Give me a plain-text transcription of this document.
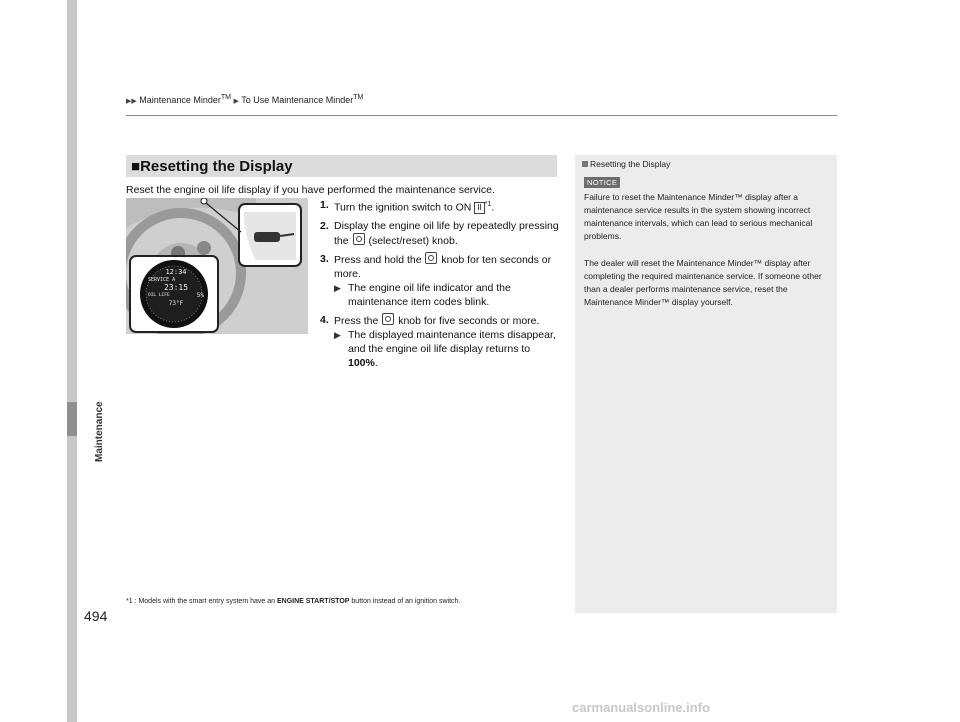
Maintenance
▶▶ Maintenance Minder™ ▶ To Use Maintenance Minder™
■Resetting the Display
Reset the engine oil life display if you have performed the maintenance service.
12:34
SERVICE A
23:15
OIL LIFE	5%
73°F
1. Turn the ignition switch to ON II $^{*1}$.
2. Display the engine oil life by repeatedly pressing the (select/reset) knob.
3. Press and hold the knob for ten seconds or more.
▶ The engine oil life indicator and the maintenance item codes blink.
4. Press the knob for five seconds or more.
▶ The displayed maintenance items disappear, and the engine oil life display returns to 100%.
Resetting the Display
NOTICE
Failure to reset the Maintenance Minder™ display after a maintenance service results in the system showing incorrect maintenance intervals, which can lead to serious mechanical problems.
The dealer will reset the Maintenance Minder™ display after completing the required maintenance service. If someone other than a dealer performs maintenance service, reset the Maintenance Minder™ display yourself.
*1 : Models with the smart entry system have an ENGINE START/STOP button instead of an ignition switch.
494
carmanualsonline.info
